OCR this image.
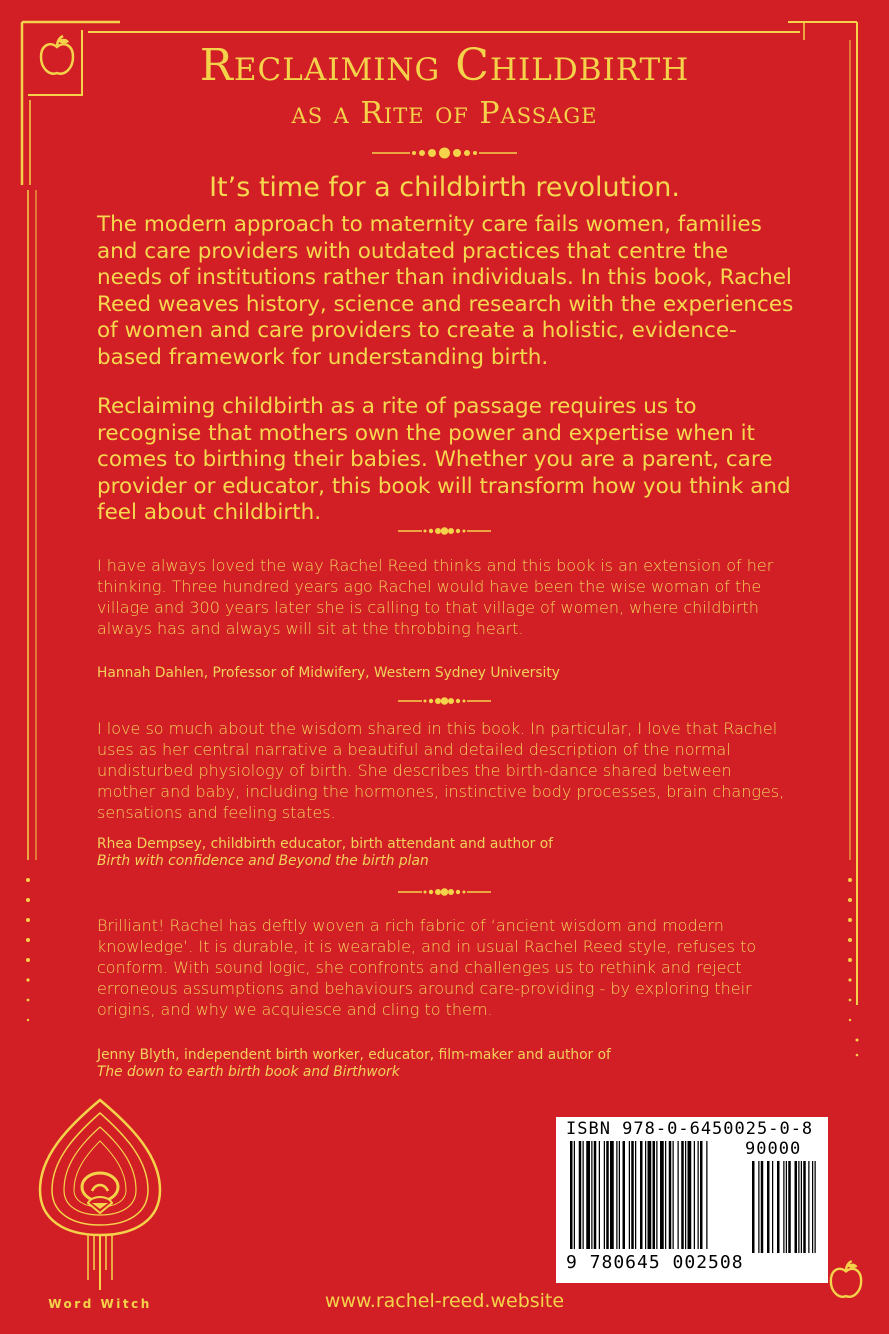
Reclaiming Childbirth
as a Rite of Passage
It’s time for a childbirth revolution.

The modern approach to maternity care fails women, families and care providers with outdated practices that centre the needs of institutions rather than individuals. In this book, Rachel Reed weaves history, science and research with the experiences of women and care providers to create a holistic, evidence-based framework for understanding birth.

Reclaiming childbirth as a rite of passage requires us to recognise that mothers own the power and expertise when it comes to birthing their babies. Whether you are a parent, care provider or educator, this book will transform how you think and feel about childbirth.

I have always loved the way Rachel Reed thinks and this book is an extension of her thinking. Three hundred years ago Rachel would have been the wise woman of the village and 300 years later she is calling to that village of women, where childbirth always has and always will sit at the throbbing heart.

Hannah Dahlen, Professor of Midwifery, Western Sydney University

I love so much about the wisdom shared in this book. In particular, I love that Rachel uses as her central narrative a beautiful and detailed description of the normal undisturbed physiology of birth. She describes the birth-dance shared between mother and baby, including the hormones, instinctive body processes, brain changes, sensations and feeling states.

Rhea Dempsey, childbirth educator, birth attendant and author of

Birth with confidence and Beyond the birth plan

Brilliant! Rachel has deftly woven a rich fabric of ‘ancient wisdom and modern knowledge’. It is durable, it is wearable, and in usual Rachel Reed style, refuses to conform. With sound logic, she confronts and challenges us to rethink and reject erroneous assumptions and behaviours around care-providing - by exploring their origins, and why we acquiesce and cling to them.

Jenny Blyth, independent birth worker, educator, film-maker and author of

The down to earth birth book and Birthwork

Word Witch
ISBN 978-0-6450025-0-8
90000
9 780645 002508
www.rachel-reed.website
